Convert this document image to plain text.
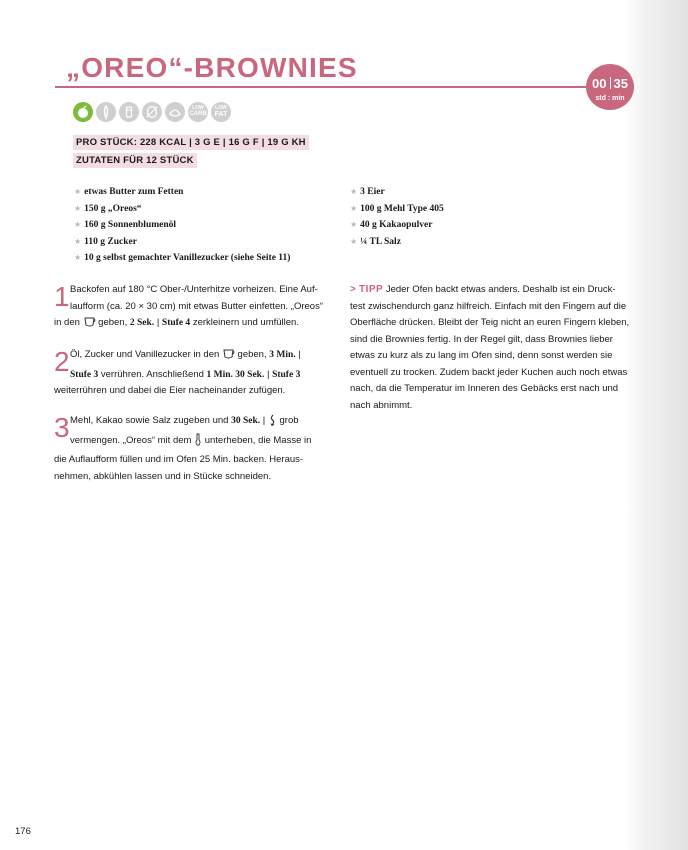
„OREO“-BROWNIES
00 35
std : min
LOW
CARB
LOW
FAT
PRO STÜCK: 228 KCAL | 3 G E | 16 G F | 19 G KH
ZUTATEN FÜR 12 STÜCK
★ etwas Butter zum Fetten
★ 150 g „Oreos“
★ 160 g Sonnenblumenöl
★ 110 g Zucker
★ 10 g selbst gemachter Vanillezucker (siehe Seite 11)
★ 3 Eier
★ 100 g Mehl Type 405
★ 40 g Kakaopulver
★ ¼ TL Salz
1 Backofen auf 180 °C Ober-/Unterhitze vorheizen. Eine Auf-
laufform (ca. 20 × 30 cm) mit etwas Butter einfetten. „Oreos“
in den geben, 2 Sek. | Stufe 4 zerkleinern und umfüllen.
2 Öl, Zucker und Vanillezucker in den geben, 3 Min. |
Stufe 3 verrühren. Anschließend 1 Min. 30 Sek. | Stufe 3
weiterrühren und dabei die Eier nacheinander zufügen.
3 Mehl, Kakao sowie Salz zugeben und 30 Sek. | grob
vermengen. „Oreos“ mit dem unterheben, die Masse in
die Auflaufform füllen und im Ofen 25 Min. backen. Heraus-
nehmen, abkühlen lassen und in Stücke schneiden.
> TIPP Jeder Ofen backt etwas anders. Deshalb ist ein Druck-
test zwischendurch ganz hilfreich. Einfach mit den Fingern auf die
Oberfläche drücken. Bleibt der Teig nicht an euren Fingern kleben,
sind die Brownies fertig. In der Regel gilt, dass Brownies lieber
etwas zu kurz als zu lang im Ofen sind, denn sonst werden sie
eventuell zu trocken. Zudem backt jeder Kuchen auch noch etwas
nach, da die Temperatur im Inneren des Gebäcks erst nach und
nach abnimmt.
176
